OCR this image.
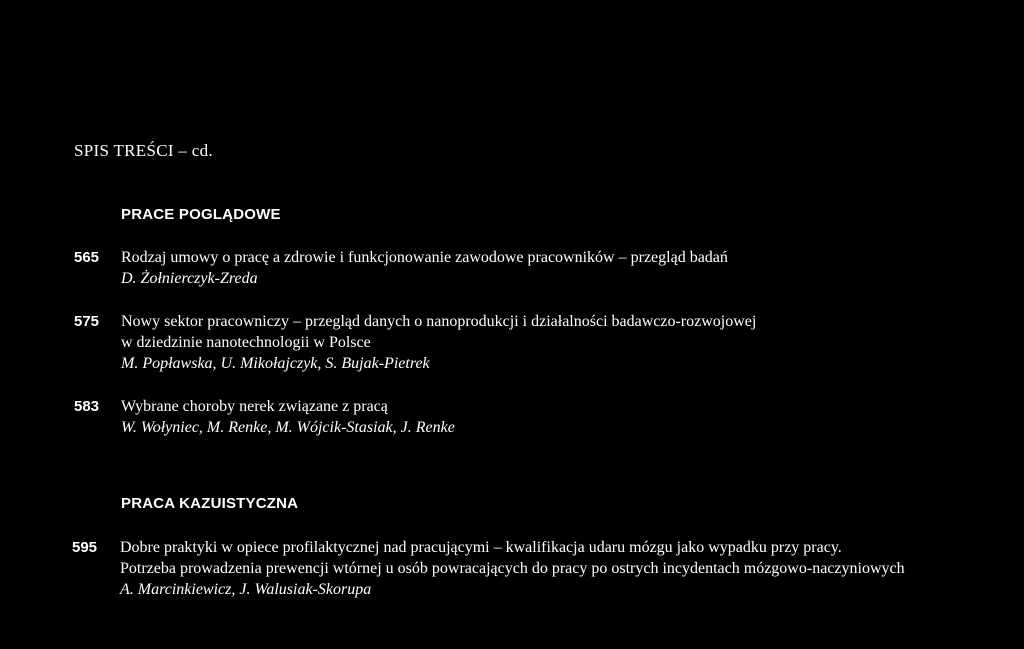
SPIS TREŚCI – cd.
PRACE POGLĄDOWE
565 Rodzaj umowy o pracę a zdrowie i funkcjonowanie zawodowe pracowników – przegląd badań
D. Żołnierczyk-Zreda
575 Nowy sektor pracowniczy – przegląd danych o nanoprodukcji i działalności badawczo-rozwojowej
w dziedzinie nanotechnologii w Polsce
M. Popławska, U. Mikołajczyk, S. Bujak-Pietrek
583 Wybrane choroby nerek związane z pracą
W. Wołyniec, M. Renke, M. Wójcik-Stasiak, J. Renke
PRACA KAZUISTYCZNA
595 Dobre praktyki w opiece profilaktycznej nad pracującymi – kwalifikacja udaru mózgu jako wypadku przy pracy.
Potrzeba prowadzenia prewencji wtórnej u osób powracających do pracy po ostrych incydentach mózgowo-naczyniowych
A. Marcinkiewicz, J. Walusiak-Skorupa
